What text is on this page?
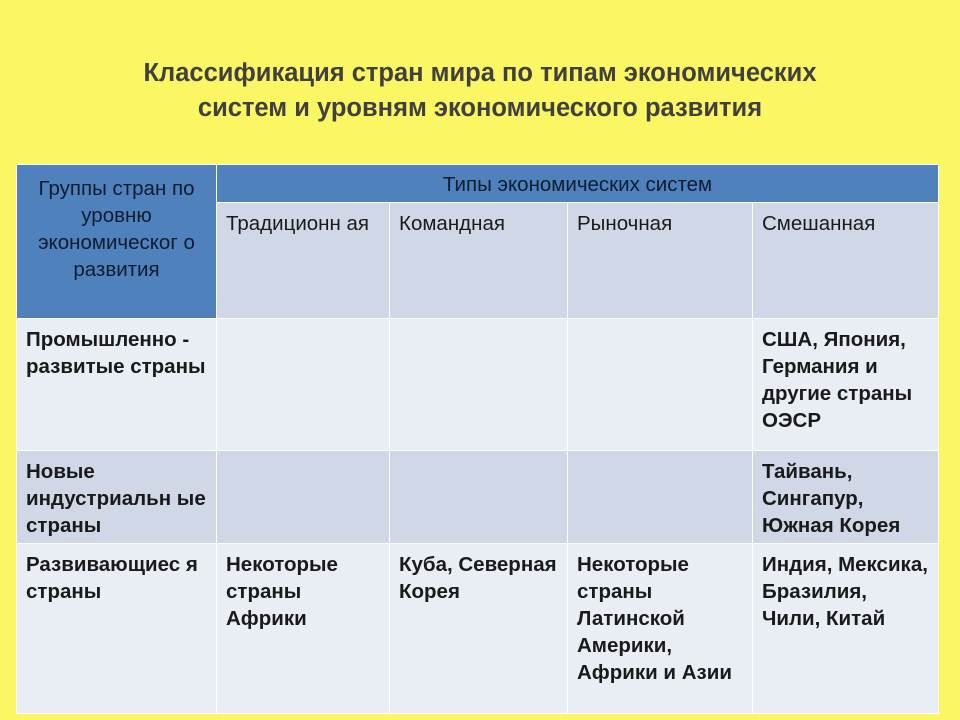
Классификация стран мира по типам экономических
систем и уровням экономического развития
Группы стран по уровню экономическог о развития	Типы экономических систем			
	Традиционн ая	Командная	Рыночная	Смешанная
Промышленно - развитые страны				США, Япония, Германия и другие страны ОЭСР
Новые индустриальн ые страны				Тайвань, Сингапур, Южная Корея
Развивающиес я страны	Некоторые страны Африки	Куба, Северная Корея	Некоторые страны Латинской Америки, Африки и Азии	Индия, Мексика, Бразилия, Чили, Китай
